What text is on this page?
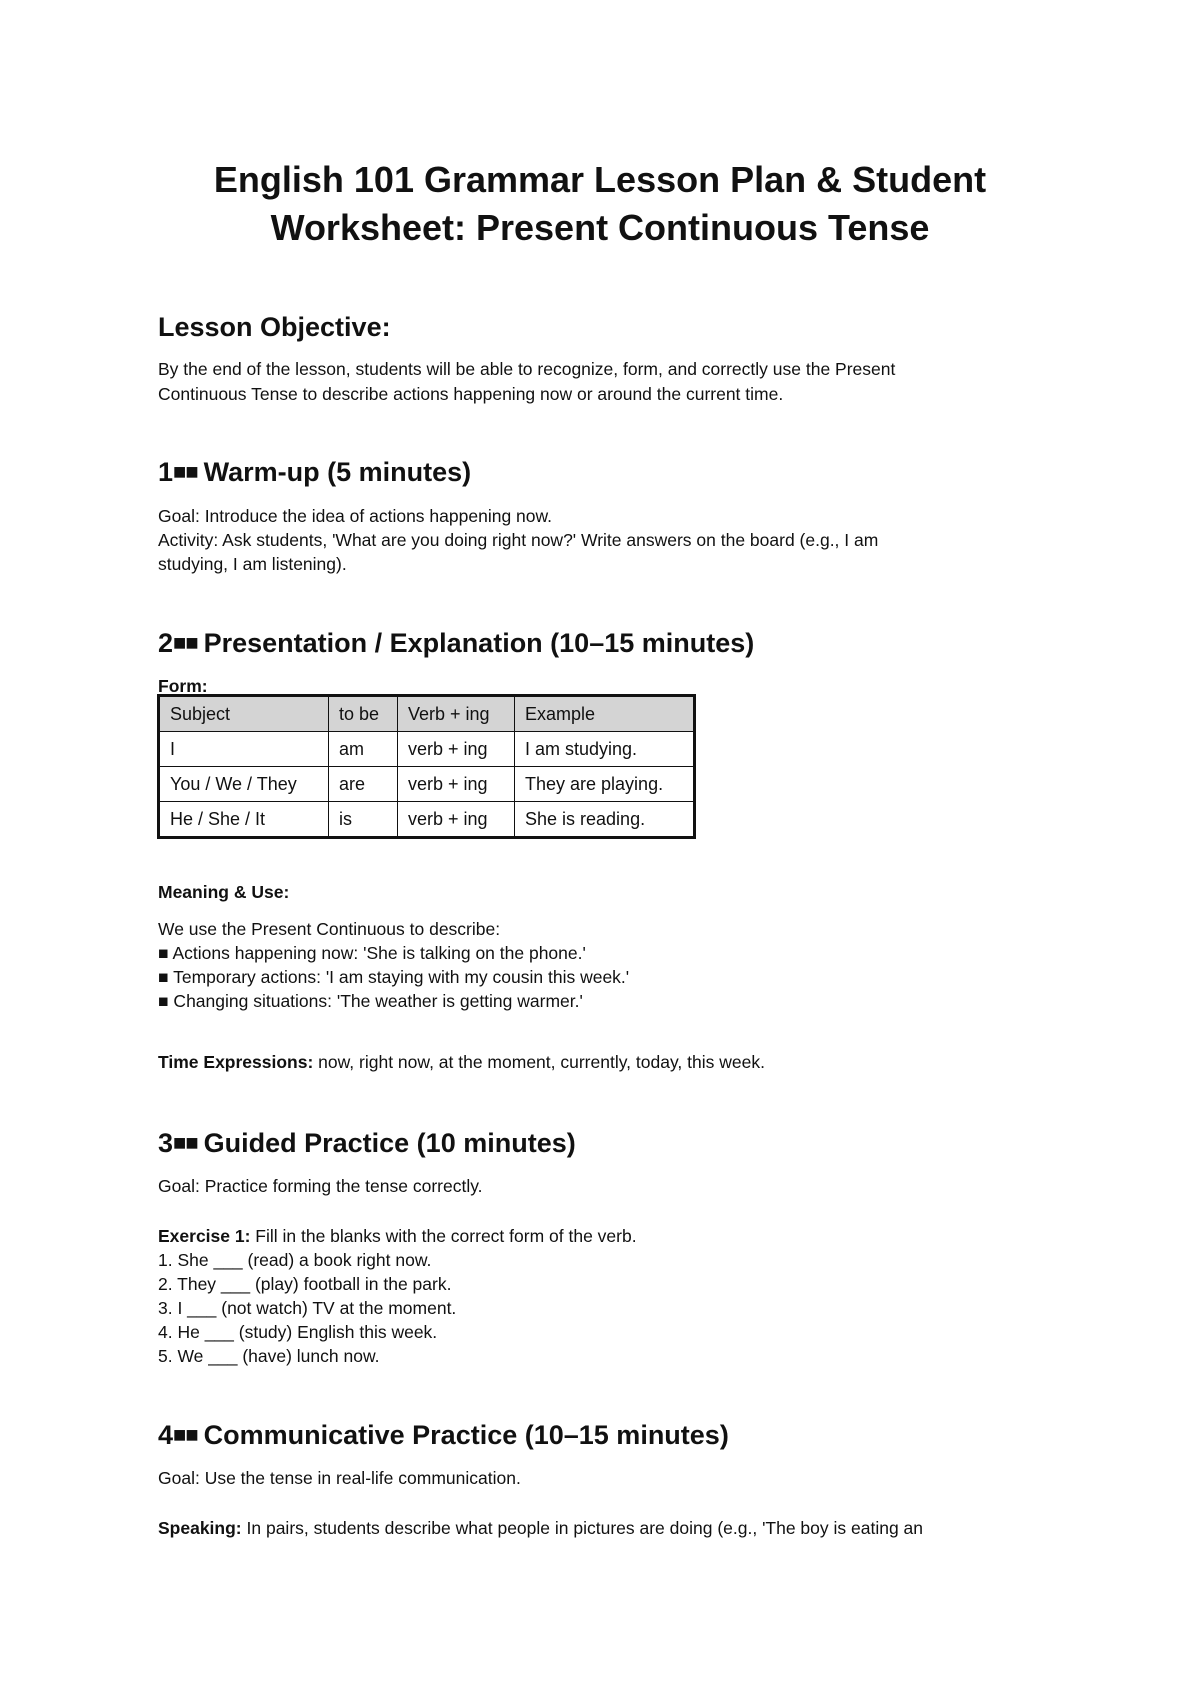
English 101 Grammar Lesson Plan & Student
Worksheet: Present Continuous Tense
Lesson Objective:

By the end of the lesson, students will be able to recognize, form, and correctly use the Present

Continuous Tense to describe actions happening now or around the current time.

1■■ Warm-up (5 minutes)

Goal: Introduce the idea of actions happening now.

Activity: Ask students, 'What are you doing right now?' Write answers on the board (e.g., I am

studying, I am listening).

2■■ Presentation / Explanation (10–15 minutes)

Form:

Subject	to be	Verb + ing	Example
I	am	verb + ing	I am studying.
You / We / They	are	verb + ing	They are playing.
He / She / It	is	verb + ing	She is reading.

Meaning & Use:

We use the Present Continuous to describe:

■ Actions happening now: 'She is talking on the phone.'

■ Temporary actions: 'I am staying with my cousin this week.'

■ Changing situations: 'The weather is getting warmer.'

Time Expressions: now, right now, at the moment, currently, today, this week.

3■■ Guided Practice (10 minutes)

Goal: Practice forming the tense correctly.

Exercise 1: Fill in the blanks with the correct form of the verb.

1. She ___ (read) a book right now.

2. They ___ (play) football in the park.

3. I ___ (not watch) TV at the moment.

4. He ___ (study) English this week.

5. We ___ (have) lunch now.

4■■ Communicative Practice (10–15 minutes)

Goal: Use the tense in real-life communication.

Speaking: In pairs, students describe what people in pictures are doing (e.g., 'The boy is eating an
